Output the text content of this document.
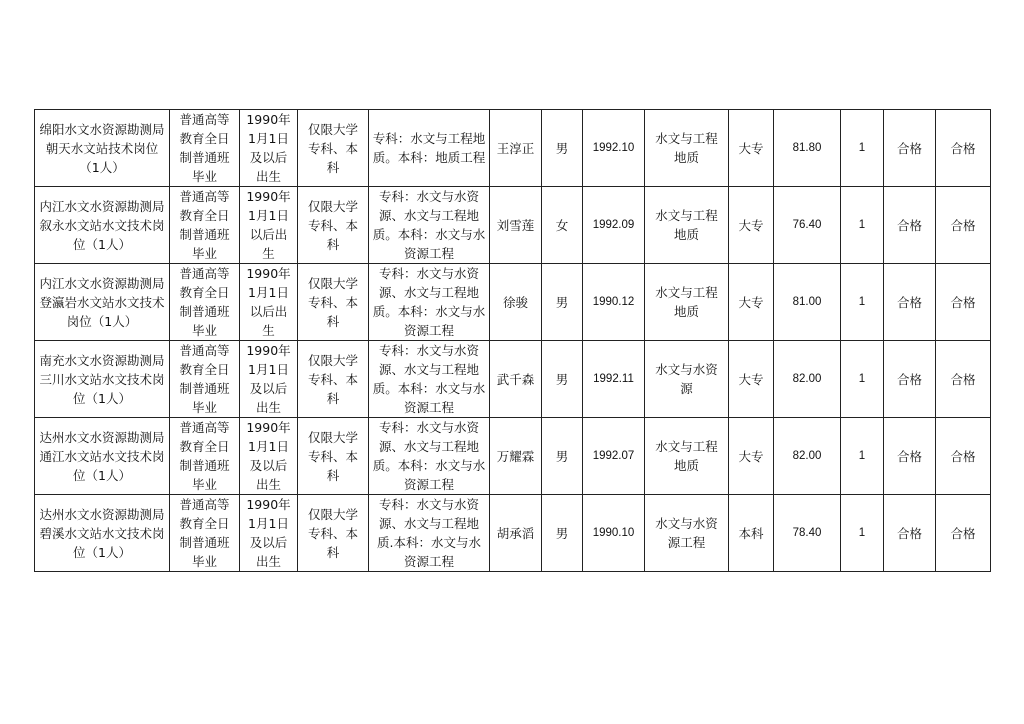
绵阳水文水资源勘测局朝天水文站技术岗位（1人）	普通高等教育全日制普通班毕业	1990年1月1日及以后出生	仅限大学专科、本科	专科：水文与工程地质。本科：地质工程	王淳正	男	1992.10	水文与工程地质	大专	81.80	1	合格	合格
内江水文水资源勘测局叙永水文站水文技术岗位（1人）	普通高等教育全日制普通班毕业	1990年1月1日以后出生	仅限大学专科、本科	专科：水文与水资源、水文与工程地质。本科：水文与水资源工程	刘雪莲	女	1992.09	水文与工程地质	大专	76.40	1	合格	合格
内江水文水资源勘测局登瀛岩水文站水文技术岗位（1人）	普通高等教育全日制普通班毕业	1990年1月1日以后出生	仅限大学专科、本科	专科：水文与水资源、水文与工程地质。本科：水文与水资源工程	徐骏	男	1990.12	水文与工程地质	大专	81.00	1	合格	合格
南充水文水资源勘测局三川水文站水文技术岗位（1人）	普通高等教育全日制普通班毕业	1990年1月1日及以后出生	仅限大学专科、本科	专科：水文与水资源、水文与工程地质。本科：水文与水资源工程	武千森	男	1992.11	水文与水资源	大专	82.00	1	合格	合格
达州水文水资源勘测局通江水文站水文技术岗位（1人）	普通高等教育全日制普通班毕业	1990年1月1日及以后出生	仅限大学专科、本科	专科：水文与水资源、水文与工程地质。本科：水文与水资源工程	万耀霖	男	1992.07	水文与工程地质	大专	82.00	1	合格	合格
达州水文水资源勘测局碧溪水文站水文技术岗位（1人）	普通高等教育全日制普通班毕业	1990年1月1日及以后出生	仅限大学专科、本科	专科：水文与水资源、水文与工程地质.本科：水文与水资源工程	胡承滔	男	1990.10	水文与水资源工程	本科	78.40	1	合格	合格
